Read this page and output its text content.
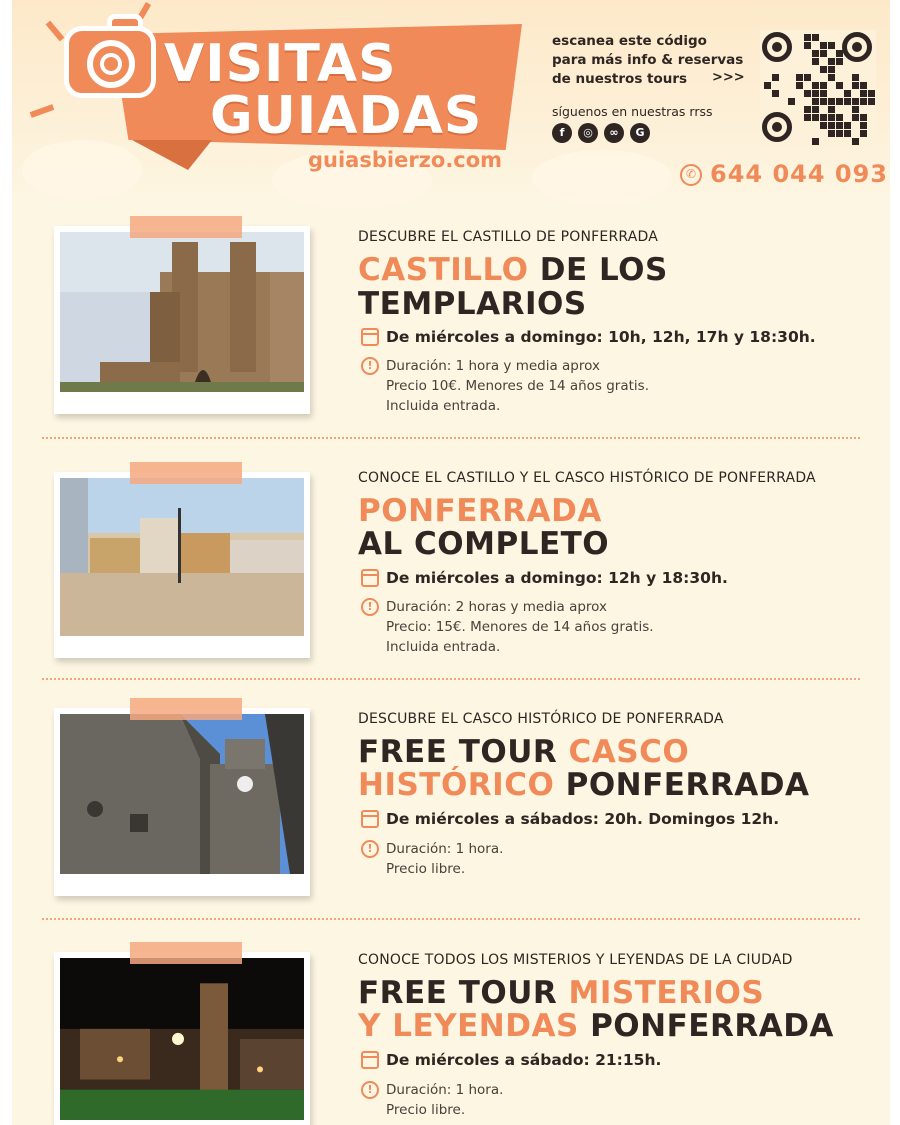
VISITAS
GUIADAS
guiasbierzo.com
escanea este código
para más info & reservas
de nuestros tours	>>>
síguenos en nuestras rrss
f	◎	∞	G
✆ 644 044 093
DESCUBRE EL CASTILLO DE PONFERRADA
CASTILLO DE LOS
TEMPLARIOS
De miércoles a domingo: 10h, 12h, 17h y 18:30h.
! Duración: 1 hora y media aprox
Precio 10€. Menores de 14 años gratis.
Incluida entrada.
CONOCE EL CASTILLO Y EL CASCO HISTÓRICO DE PONFERRADA
PONFERRADA
AL COMPLETO
De miércoles a domingo: 12h y 18:30h.
! Duración: 2 horas y media aprox
Precio: 15€. Menores de 14 años gratis.
Incluida entrada.
DESCUBRE EL CASCO HISTÓRICO DE PONFERRADA
FREE TOUR CASCO
HISTÓRICO PONFERRADA
De miércoles a sábados: 20h. Domingos 12h.
! Duración: 1 hora.
Precio libre.
CONOCE TODOS LOS MISTERIOS Y LEYENDAS DE LA CIUDAD
FREE TOUR MISTERIOS
Y LEYENDAS PONFERRADA
De miércoles a sábado: 21:15h.
! Duración: 1 hora.
Precio libre.
